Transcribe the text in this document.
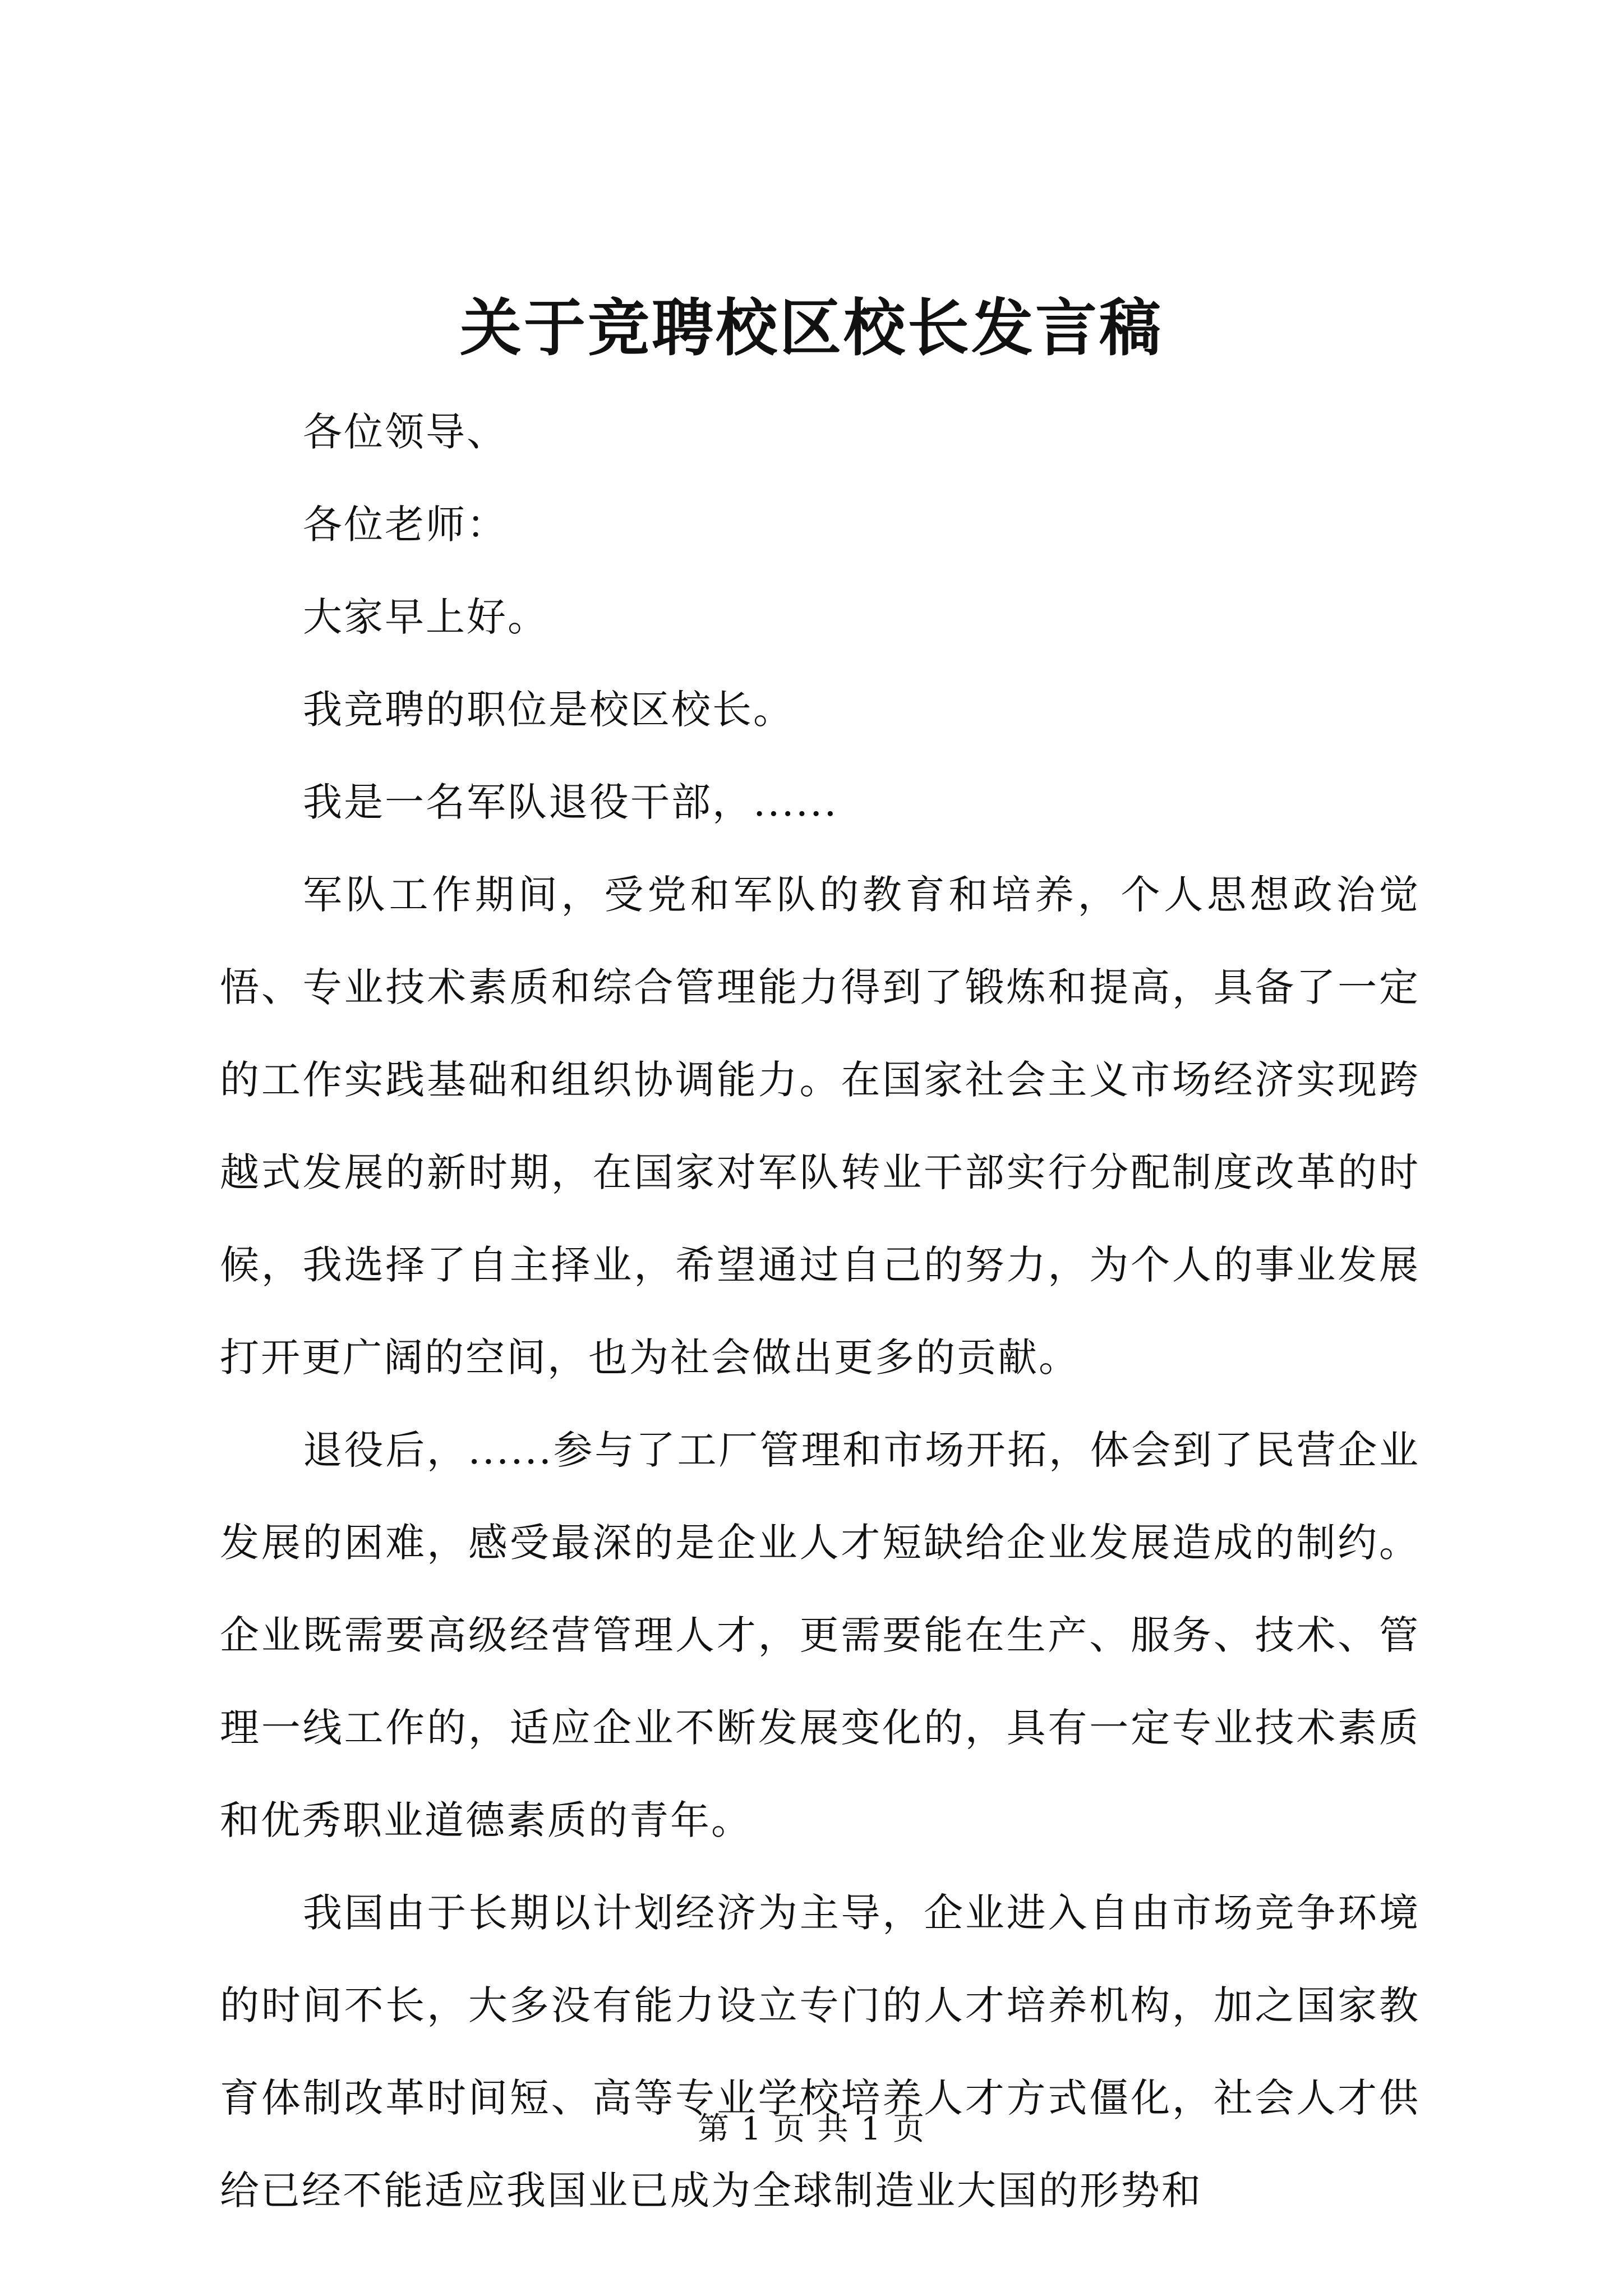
关于竞聘校区校长发言稿

各位领导、

各位老师：

大家早上好。

我竞聘的职位是校区校长。

我是一名军队退役干部，......

军队工作期间，受党和军队的教育和培养，个人思想政治觉悟、专业技术素质和综合管理能力得到了锻炼和提高，具备了一定的工作实践基础和组织协调能力。在国家社会主义市场经济实现跨越式发展的新时期，在国家对军队转业干部实行分配制度改革的时候，我选择了自主择业，希望通过自己的努力，为个人的事业发展打开更广阔的空间，也为社会做出更多的贡献。

退役后，......参与了工厂管理和市场开拓，体会到了民营企业发展的困难，感受最深的是企业人才短缺给企业发展造成的制约。企业既需要高级经营管理人才，更需要能在生产、服务、技术、管理一线工作的，适应企业不断发展变化的，具有一定专业技术素质和优秀职业道德素质的青年。

我国由于长期以计划经济为主导，企业进入自由市场竞争环境的时间不长，大多没有能力设立专门的人才培养机构，加之国家教育体制改革时间短、高等专业学校培养人才方式僵化，社会人才供给已经不能适应我国业已成为全球制造业大国的形势和

第 1 页 共 1 页
